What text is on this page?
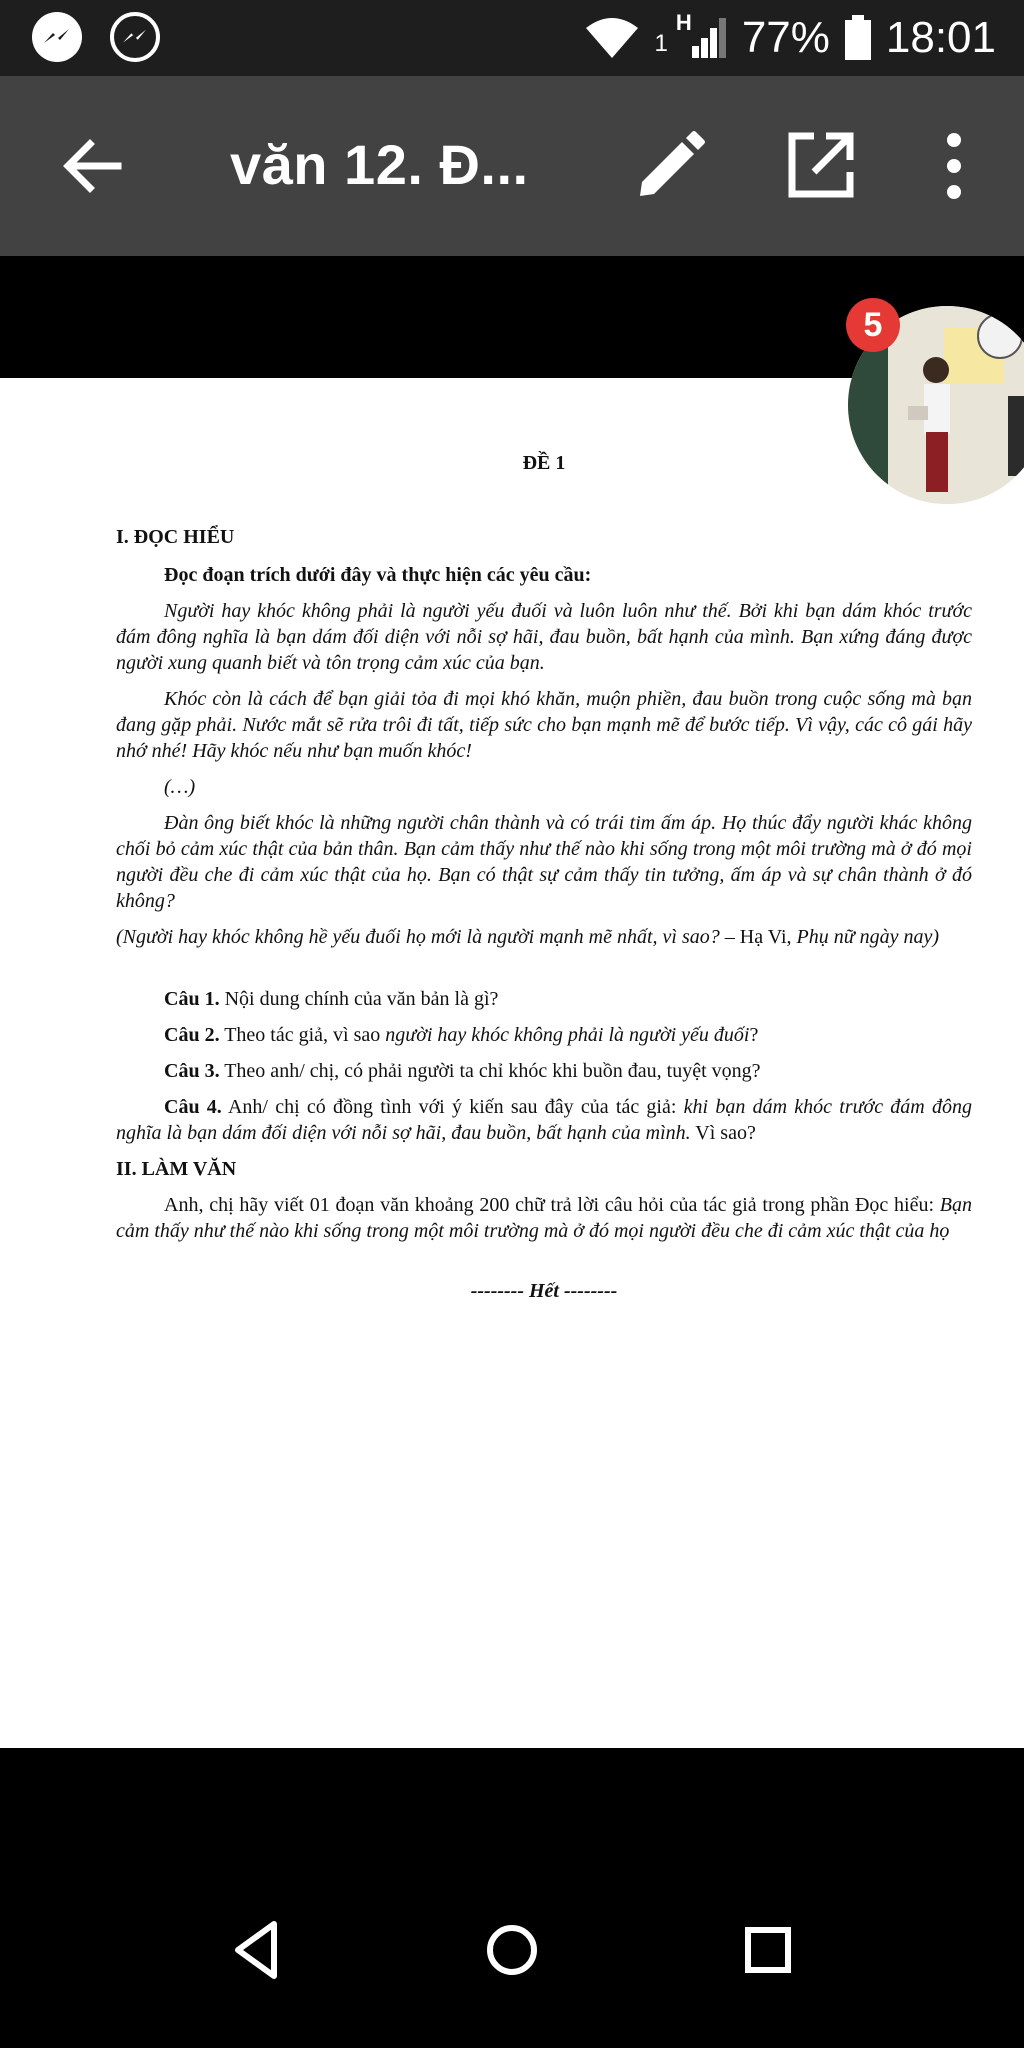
1
H 77% 18:01
văn 12. Đ...
ĐỀ 1
I. ĐỌC HIỂU
Đọc đoạn trích dưới đây và thực hiện các yêu cầu:
Người hay khóc không phải là người yếu đuối và luôn luôn như thế. Bởi khi bạn dám khóc trước đám đông nghĩa là bạn dám đối diện với nỗi sợ hãi, đau buồn, bất hạnh của mình. Bạn xứng đáng được người xung quanh biết và tôn trọng cảm xúc của bạn.
Khóc còn là cách để bạn giải tỏa đi mọi khó khăn, muộn phiền, đau buồn trong cuộc sống mà bạn đang gặp phải. Nước mắt sẽ rửa trôi đi tất, tiếp sức cho bạn mạnh mẽ để bước tiếp. Vì vậy, các cô gái hãy nhớ nhé! Hãy khóc nếu như bạn muốn khóc!
(…)
Đàn ông biết khóc là những người chân thành và có trái tim ấm áp. Họ thúc đẩy người khác không chối bỏ cảm xúc thật của bản thân. Bạn cảm thấy như thế nào khi sống trong một môi trường mà ở đó mọi người đều che đi cảm xúc thật của họ. Bạn có thật sự cảm thấy tin tưởng, ấm áp và sự chân thành ở đó không?
(Người hay khóc không hề yếu đuối họ mới là người mạnh mẽ nhất, vì sao? – Hạ Vi, Phụ nữ ngày nay)
Câu 1. Nội dung chính của văn bản là gì?
Câu 2. Theo tác giả, vì sao người hay khóc không phải là người yếu đuối?
Câu 3. Theo anh/ chị, có phải người ta chỉ khóc khi buồn đau, tuyệt vọng?
Câu 4. Anh/ chị có đồng tình với ý kiến sau đây của tác giả: khi bạn dám khóc trước đám đông nghĩa là bạn dám đối diện với nỗi sợ hãi, đau buồn, bất hạnh của mình. Vì sao?
II. LÀM VĂN
Anh, chị hãy viết 01 đoạn văn khoảng 200 chữ trả lời câu hỏi của tác giả trong phần Đọc hiểu: Bạn cảm thấy như thế nào khi sống trong một môi trường mà ở đó mọi người đều che đi cảm xúc thật của họ
-------- Hết --------
5
